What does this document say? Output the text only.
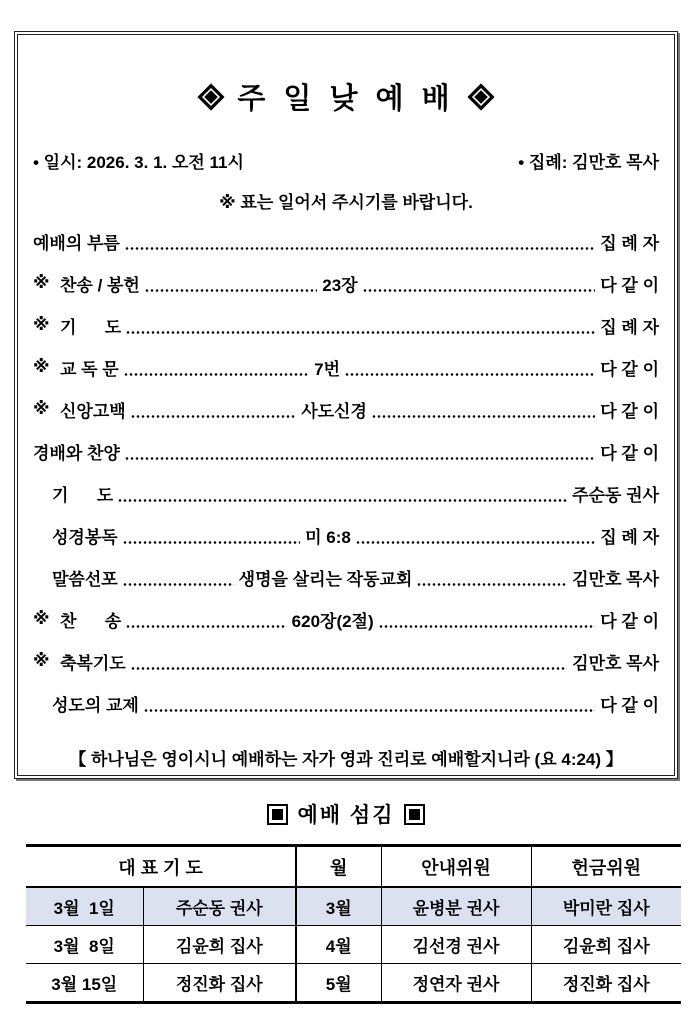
주 일 낮 예 배
• 일시: 2026. 3. 1. 오전 11시	• 집례: 김만호 목사
※ 표는 일어서 주시기를 바랍니다.
예배의 부름	집 례 자
※ 찬송 / 봉헌	23장	다 같 이
※ 기      도	집 례 자
※ 교 독 문	7번	다 같 이
※ 신앙고백	사도신경	다 같 이
경배와 찬양	다 같 이
기      도	주순동 권사
성경봉독	미 6:8	집 례 자
말씀선포	생명을 살리는 작동교회	김만호 목사
※ 찬      송	620장(2절)	다 같 이
※ 축복기도	김만호 목사
성도의 교제	다 같 이
【 하나님은 영이시니 예배하는 자가 영과 진리로 예배할지니라 (요 4:24) 】
예배 섬김
대 표 기 도		월	안내위원	헌금위원
3월  1일	주순동 권사	3월	윤병분 권사	박미란 집사
3월  8일	김윤희 집사	4월	김선경 권사	김윤희 집사
3월 15일	정진화 집사	5월	정연자 권사	정진화 집사
